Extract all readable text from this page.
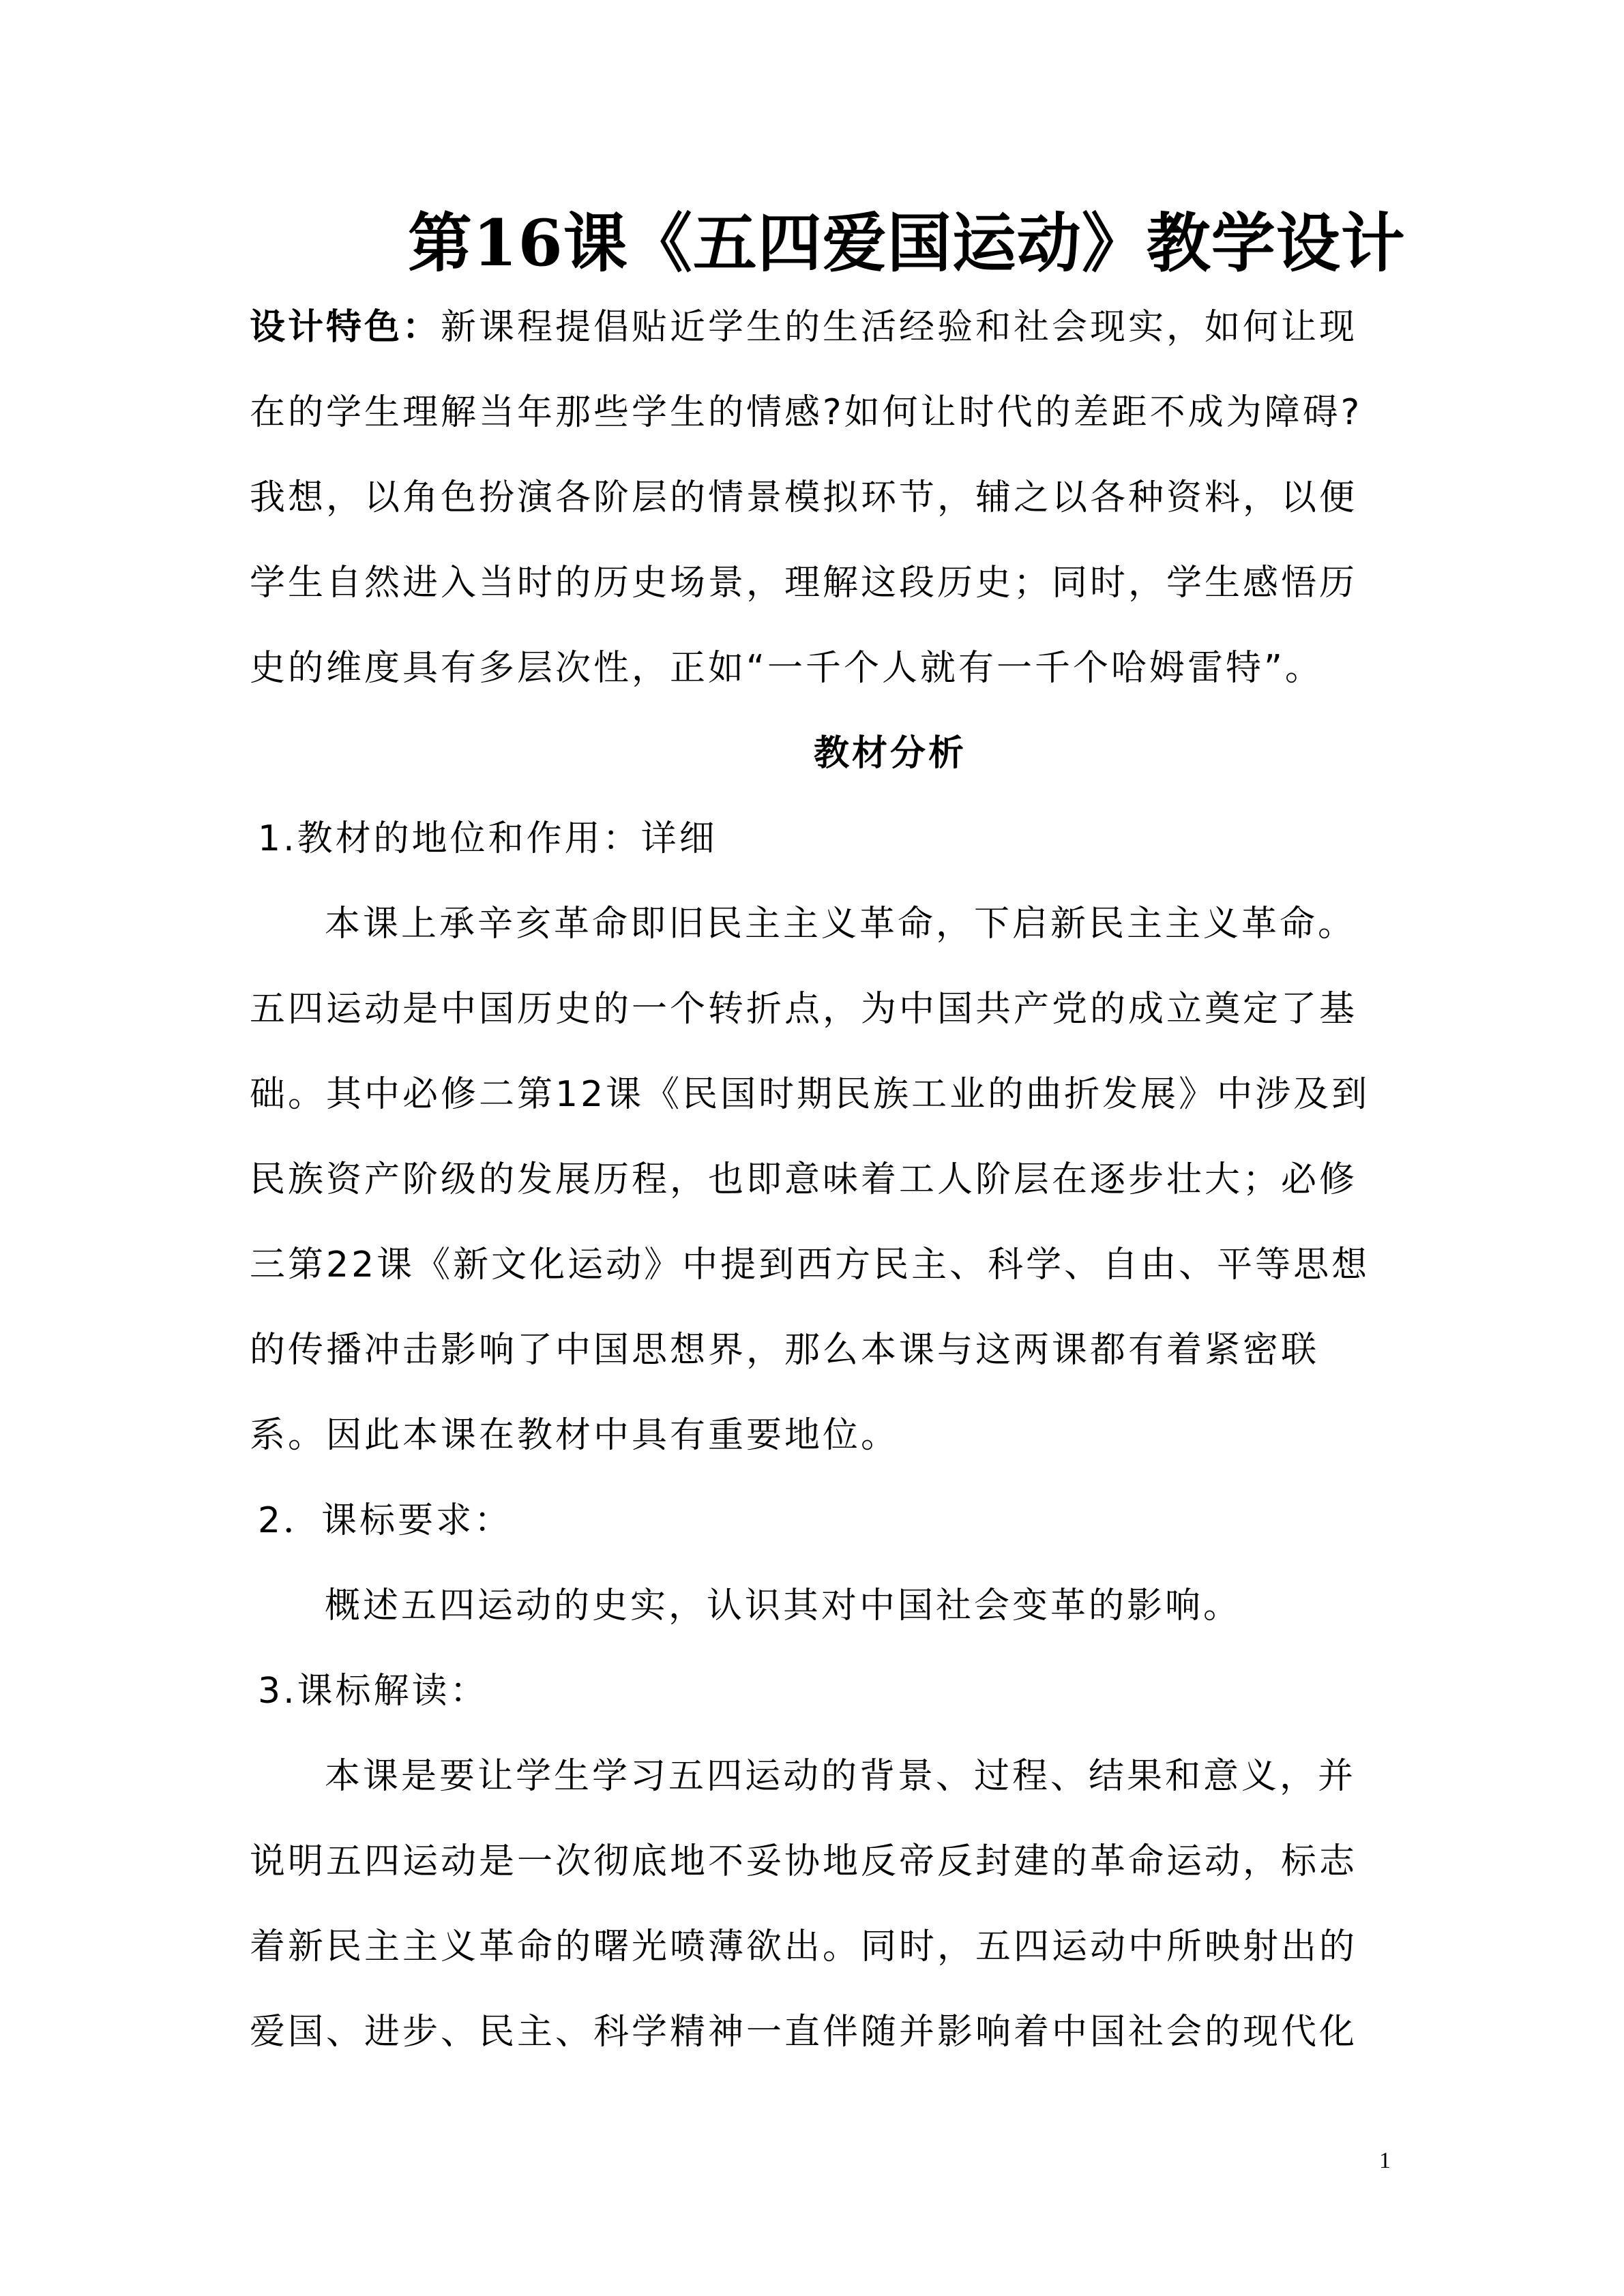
第16课《五四爱国运动》教学设计
设计特色：新课程提倡贴近学生的生活经验和社会现实，如何让现
在的学生理解当年那些学生的情感?如何让时代的差距不成为障碍?
我想，以角色扮演各阶层的情景模拟环节，辅之以各种资料，以便
学生自然进入当时的历史场景，理解这段历史；同时，学生感悟历
史的维度具有多层次性，正如“一千个人就有一千个哈姆雷特”。
教材分析
1.教材的地位和作用：详细
本课上承辛亥革命即旧民主主义革命，下启新民主主义革命。
五四运动是中国历史的一个转折点，为中国共产党的成立奠定了基
础。其中必修二第12课《民国时期民族工业的曲折发展》中涉及到
民族资产阶级的发展历程，也即意味着工人阶层在逐步壮大；必修
三第22课《新文化运动》中提到西方民主、科学、自由、平等思想
的传播冲击影响了中国思想界，那么本课与这两课都有着紧密联
系。因此本课在教材中具有重要地位。
2．课标要求：
概述五四运动的史实，认识其对中国社会变革的影响。
3.课标解读：
本课是要让学生学习五四运动的背景、过程、结果和意义，并
说明五四运动是一次彻底地不妥协地反帝反封建的革命运动，标志
着新民主主义革命的曙光喷薄欲出。同时，五四运动中所映射出的
爱国、进步、民主、科学精神一直伴随并影响着中国社会的现代化
1
